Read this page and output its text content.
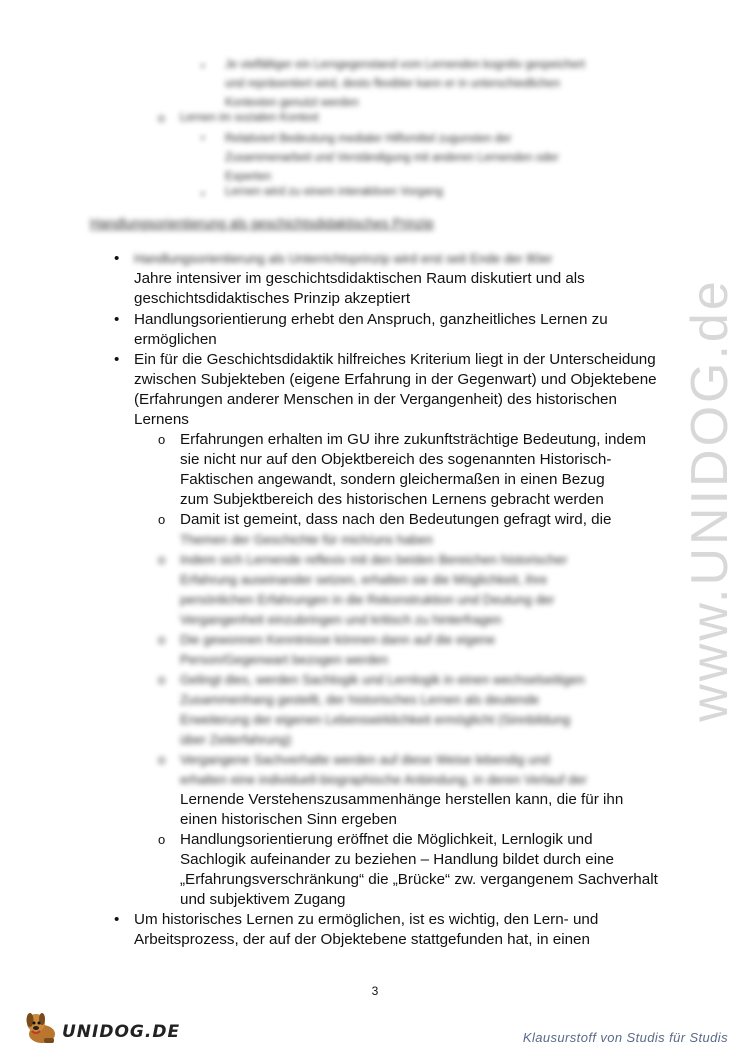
www.UNIDOG.de
▪ Je vielfältiger ein Lerngegenstand vom Lernenden kognitiv gespeichert
und repräsentiert wird, desto flexibler kann er in unterschiedlichen
Kontexten genutzt werden
o Lernen im sozialen Kontext
▪ Relativiert Bedeutung medialer Hilfsmittel zugunsten der
Zusammenarbeit und Verständigung mit anderen Lernenden oder
Experten
▪ Lernen wird zu einem interaktiven Vorgang
Handlungsorientierung als geschichtsdidaktisches Prinzip
• Handlungsorientierung als Unterrichtsprinzip wird erst seit Ende der 80er
Jahre intensiver im geschichtsdidaktischen Raum diskutiert und als
geschichtsdidaktisches Prinzip akzeptiert
• Handlungsorientierung erhebt den Anspruch, ganzheitliches Lernen zu
ermöglichen
• Ein für die Geschichtsdidaktik hilfreiches Kriterium liegt in der Unterscheidung
zwischen Subjekteben (eigene Erfahrung in der Gegenwart) und Objektebene
(Erfahrungen anderer Menschen in der Vergangenheit) des historischen
Lernens
o Erfahrungen erhalten im GU ihre zukunftsträchtige Bedeutung, indem
sie nicht nur auf den Objektbereich des sogenannten Historisch-
Faktischen angewandt, sondern gleichermaßen in einen Bezug
zum Subjektbereich des historischen Lernens gebracht werden
o Damit ist gemeint, dass nach den Bedeutungen gefragt wird, die
Themen der Geschichte für mich/uns haben
o Indem sich Lernende reflexiv mit den beiden Bereichen historischer
Erfahrung auseinander setzen, erhalten sie die Möglichkeit, ihre
persönlichen Erfahrungen in die Rekonstruktion und Deutung der
Vergangenheit einzubringen und kritisch zu hinterfragen
o Die gewonnen Kenntnisse können dann auf die eigene
Person/Gegenwart bezogen werden
o Gelingt dies, werden Sachlogik und Lernlogik in einen wechselseitigen
Zusammenhang gestellt, der historisches Lernen als deutende
Erweiterung der eigenen Lebenswirklichkeit ermöglicht (Sinnbildung
über Zeiterfahrung)
o Vergangene Sachverhalte werden auf diese Weise lebendig und
erhalten eine individuell-biographische Anbindung, in deren Verlauf der
Lernende Verstehenszusammenhänge herstellen kann, die für ihn
einen historischen Sinn ergeben
o Handlungsorientierung eröffnet die Möglichkeit, Lernlogik und
Sachlogik aufeinander zu beziehen – Handlung bildet durch eine
„Erfahrungsverschränkung“ die „Brücke“ zw. vergangenem Sachverhalt
und subjektivem Zugang
• Um historisches Lernen zu ermöglichen, ist es wichtig, den Lern- und
Arbeitsprozess, der auf der Objektebene stattgefunden hat, in einen
3
UNIDOG.DE	Klausurstoff von Studis für Studis
